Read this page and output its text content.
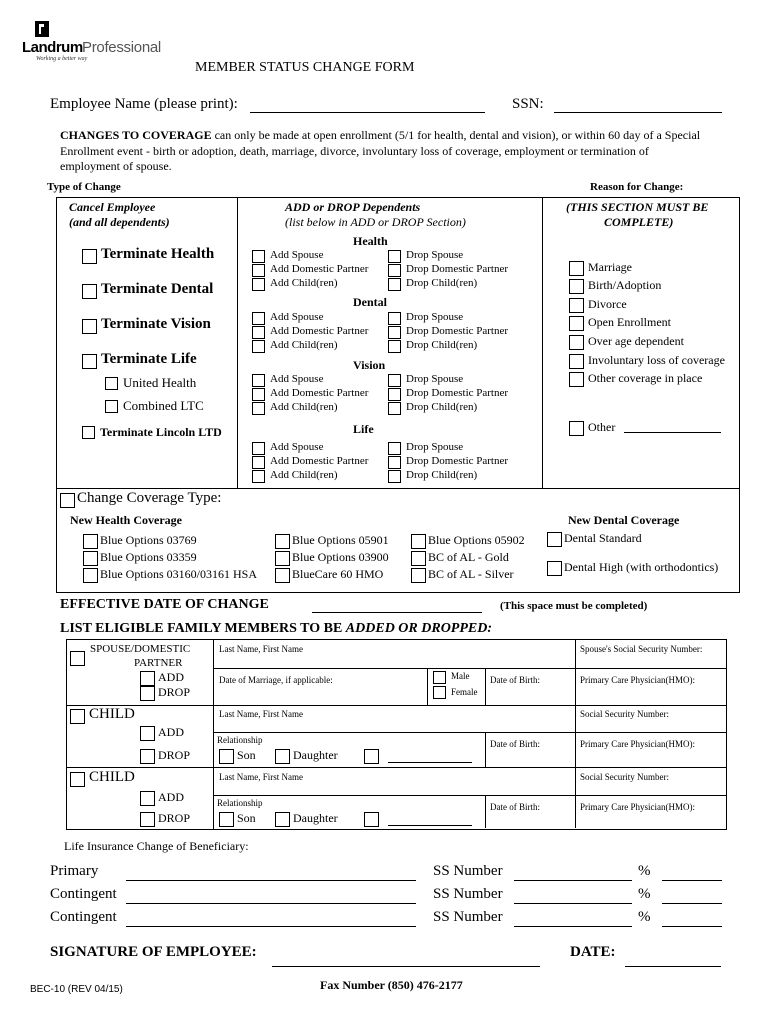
Landrum Professional
Working a better way
MEMBER STATUS CHANGE FORM
Employee Name (please print):	SSN:
CHANGES TO COVERAGE can only be made at open enrollment (5/1 for health, dental and vision), or within 60 day of a Special
Enrollment event - birth or adoption, death, marriage, divorce, involuntary loss of coverage, employment or termination of
employment of spouse.
Type of Change	Reason for Change:
Cancel Employee
(and all dependents)
Terminate Health
Terminate Dental
Terminate Vision
Terminate Life
United Health
Combined LTC
Terminate Lincoln LTD
ADD or DROP Dependents
(list below in ADD or DROP Section)
Health
Add Spouse
Add Domestic Partner
Add Child(ren)
Drop Spouse
Drop Domestic Partner
Drop Child(ren)
Dental
Add Spouse
Add Domestic Partner
Add Child(ren)
Drop Spouse
Drop Domestic Partner
Drop Child(ren)
Vision
Add Spouse
Add Domestic Partner
Add Child(ren)
Drop Spouse
Drop Domestic Partner
Drop Child(ren)
Life
Add Spouse
Add Domestic Partner
Add Child(ren)
Drop Spouse
Drop Domestic Partner
Drop Child(ren)
(THIS SECTION MUST BE
COMPLETE)
Marriage
Birth/Adoption
Divorce
Open Enrollment
Over age dependent
Involuntary loss of coverage
Other coverage in place
Other
Change Coverage Type:
New Health Coverage	New Dental Coverage
Blue Options 03769
Blue Options 03359
Blue Options 03160/03161 HSA
Blue Options 05901
Blue Options 03900
BlueCare 60 HMO
Blue Options 05902
BC of AL - Gold
BC of AL - Silver
Dental Standard
Dental High (with orthodontics)
EFFECTIVE DATE OF CHANGE	(This space must be completed)
LIST ELIGIBLE FAMILY MEMBERS TO BE ADDED OR DROPPED:
SPOUSE/DOMESTIC
PARTNER
ADD
DROP
Last Name, First Name	Spouse's Social Security Number:
Date of Marriage, if applicable:	Male
Female
Date of Birth:	Primary Care Physician(HMO):
CHILD
ADD
DROP
Last Name, First Name	Social Security Number:
Relationship
Son	Daughter
Date of Birth:	Primary Care Physician(HMO):
CHILD
ADD
DROP
Last Name, First Name	Social Security Number:
Relationship
Son	Daughter
Date of Birth:	Primary Care Physician(HMO):
Life Insurance Change of Beneficiary:
Primary	SS Number	%
Contingent	SS Number	%
Contingent	SS Number	%
SIGNATURE OF EMPLOYEE:	DATE:
BEC-10 (REV 04/15)	Fax Number (850) 476-2177
